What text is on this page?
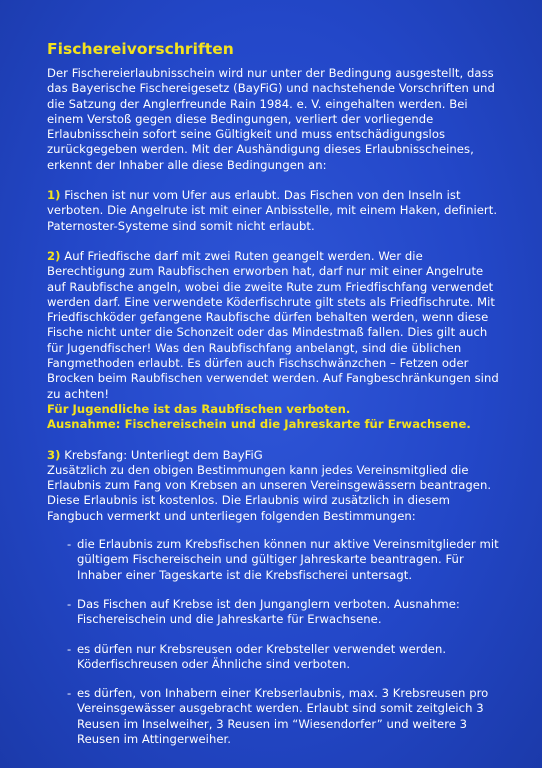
Fischereivorschriften

Der Fischereierlaubnisschein wird nur unter der Bedingung ausgestellt, dass das Bayerische Fischereigesetz (BayFiG) und nachstehende Vorschriften und die Satzung der Anglerfreunde Rain 1984. e. V. eingehalten werden. Bei einem Verstoß gegen diese Bedingungen, verliert der vorliegende Erlaubnisschein sofort seine Gültigkeit und muss entschädigungslos zurückgegeben werden. Mit der Aushändigung dieses Erlaubnisscheines, erkennt der Inhaber alle diese Bedingungen an:

1) Fischen ist nur vom Ufer aus erlaubt. Das Fischen von den Inseln ist verboten. Die Angelrute ist mit einer Anbisstelle, mit einem Haken, definiert. Paternoster-Systeme sind somit nicht erlaubt.
2) Auf Friedfische darf mit zwei Ruten geangelt werden. Wer die Berechtigung zum Raubfischen erworben hat, darf nur mit einer Angelrute auf Raubfische angeln, wobei die zweite Rute zum Friedfischfang verwendet werden darf. Eine verwendete Köderfischrute gilt stets als Friedfischrute. Mit Friedfischköder gefangene Raubfische dürfen behalten werden, wenn diese Fische nicht unter die Schonzeit oder das Mindestmaß fallen. Dies gilt auch für Jugendfischer! Was den Raubfischfang anbelangt, sind die üblichen Fangmethoden erlaubt. Es dürfen auch Fischschwänzchen – Fetzen oder Brocken beim Raubfischen verwendet werden. Auf Fangbeschränkungen sind zu achten!
Für Jugendliche ist das Raubfischen verboten.
Ausnahme: Fischereischein und die Jahreskarte für Erwachsene.
3) Krebsfang: Unterliegt dem BayFiG
Zusätzlich zu den obigen Bestimmungen kann jedes Vereinsmitglied die Erlaubnis zum Fang von Krebsen an unseren Vereinsgewässern beantragen. Diese Erlaubnis ist kostenlos. Die Erlaubnis wird zusätzlich in diesem Fangbuch vermerkt und unterliegen folgenden Bestimmungen:
- die Erlaubnis zum Krebsfischen können nur aktive Vereinsmitglieder mit gültigem Fischereischein und gültiger Jahreskarte beantragen. Für Inhaber einer Tageskarte ist die Krebsfischerei untersagt.
- Das Fischen auf Krebse ist den Junganglern verboten. Ausnahme: Fischereischein und die Jahreskarte für Erwachsene.
- es dürfen nur Krebsreusen oder Krebsteller verwendet werden. Köderfischreusen oder Ähnliche sind verboten.
- es dürfen, von Inhabern einer Krebserlaubnis, max. 3 Krebsreusen pro Vereinsgewässer ausgebracht werden. Erlaubt sind somit zeitgleich 3 Reusen im Inselweiher, 3 Reusen im “Wiesendorfer” und weitere 3 Reusen im Attingerweiher.
